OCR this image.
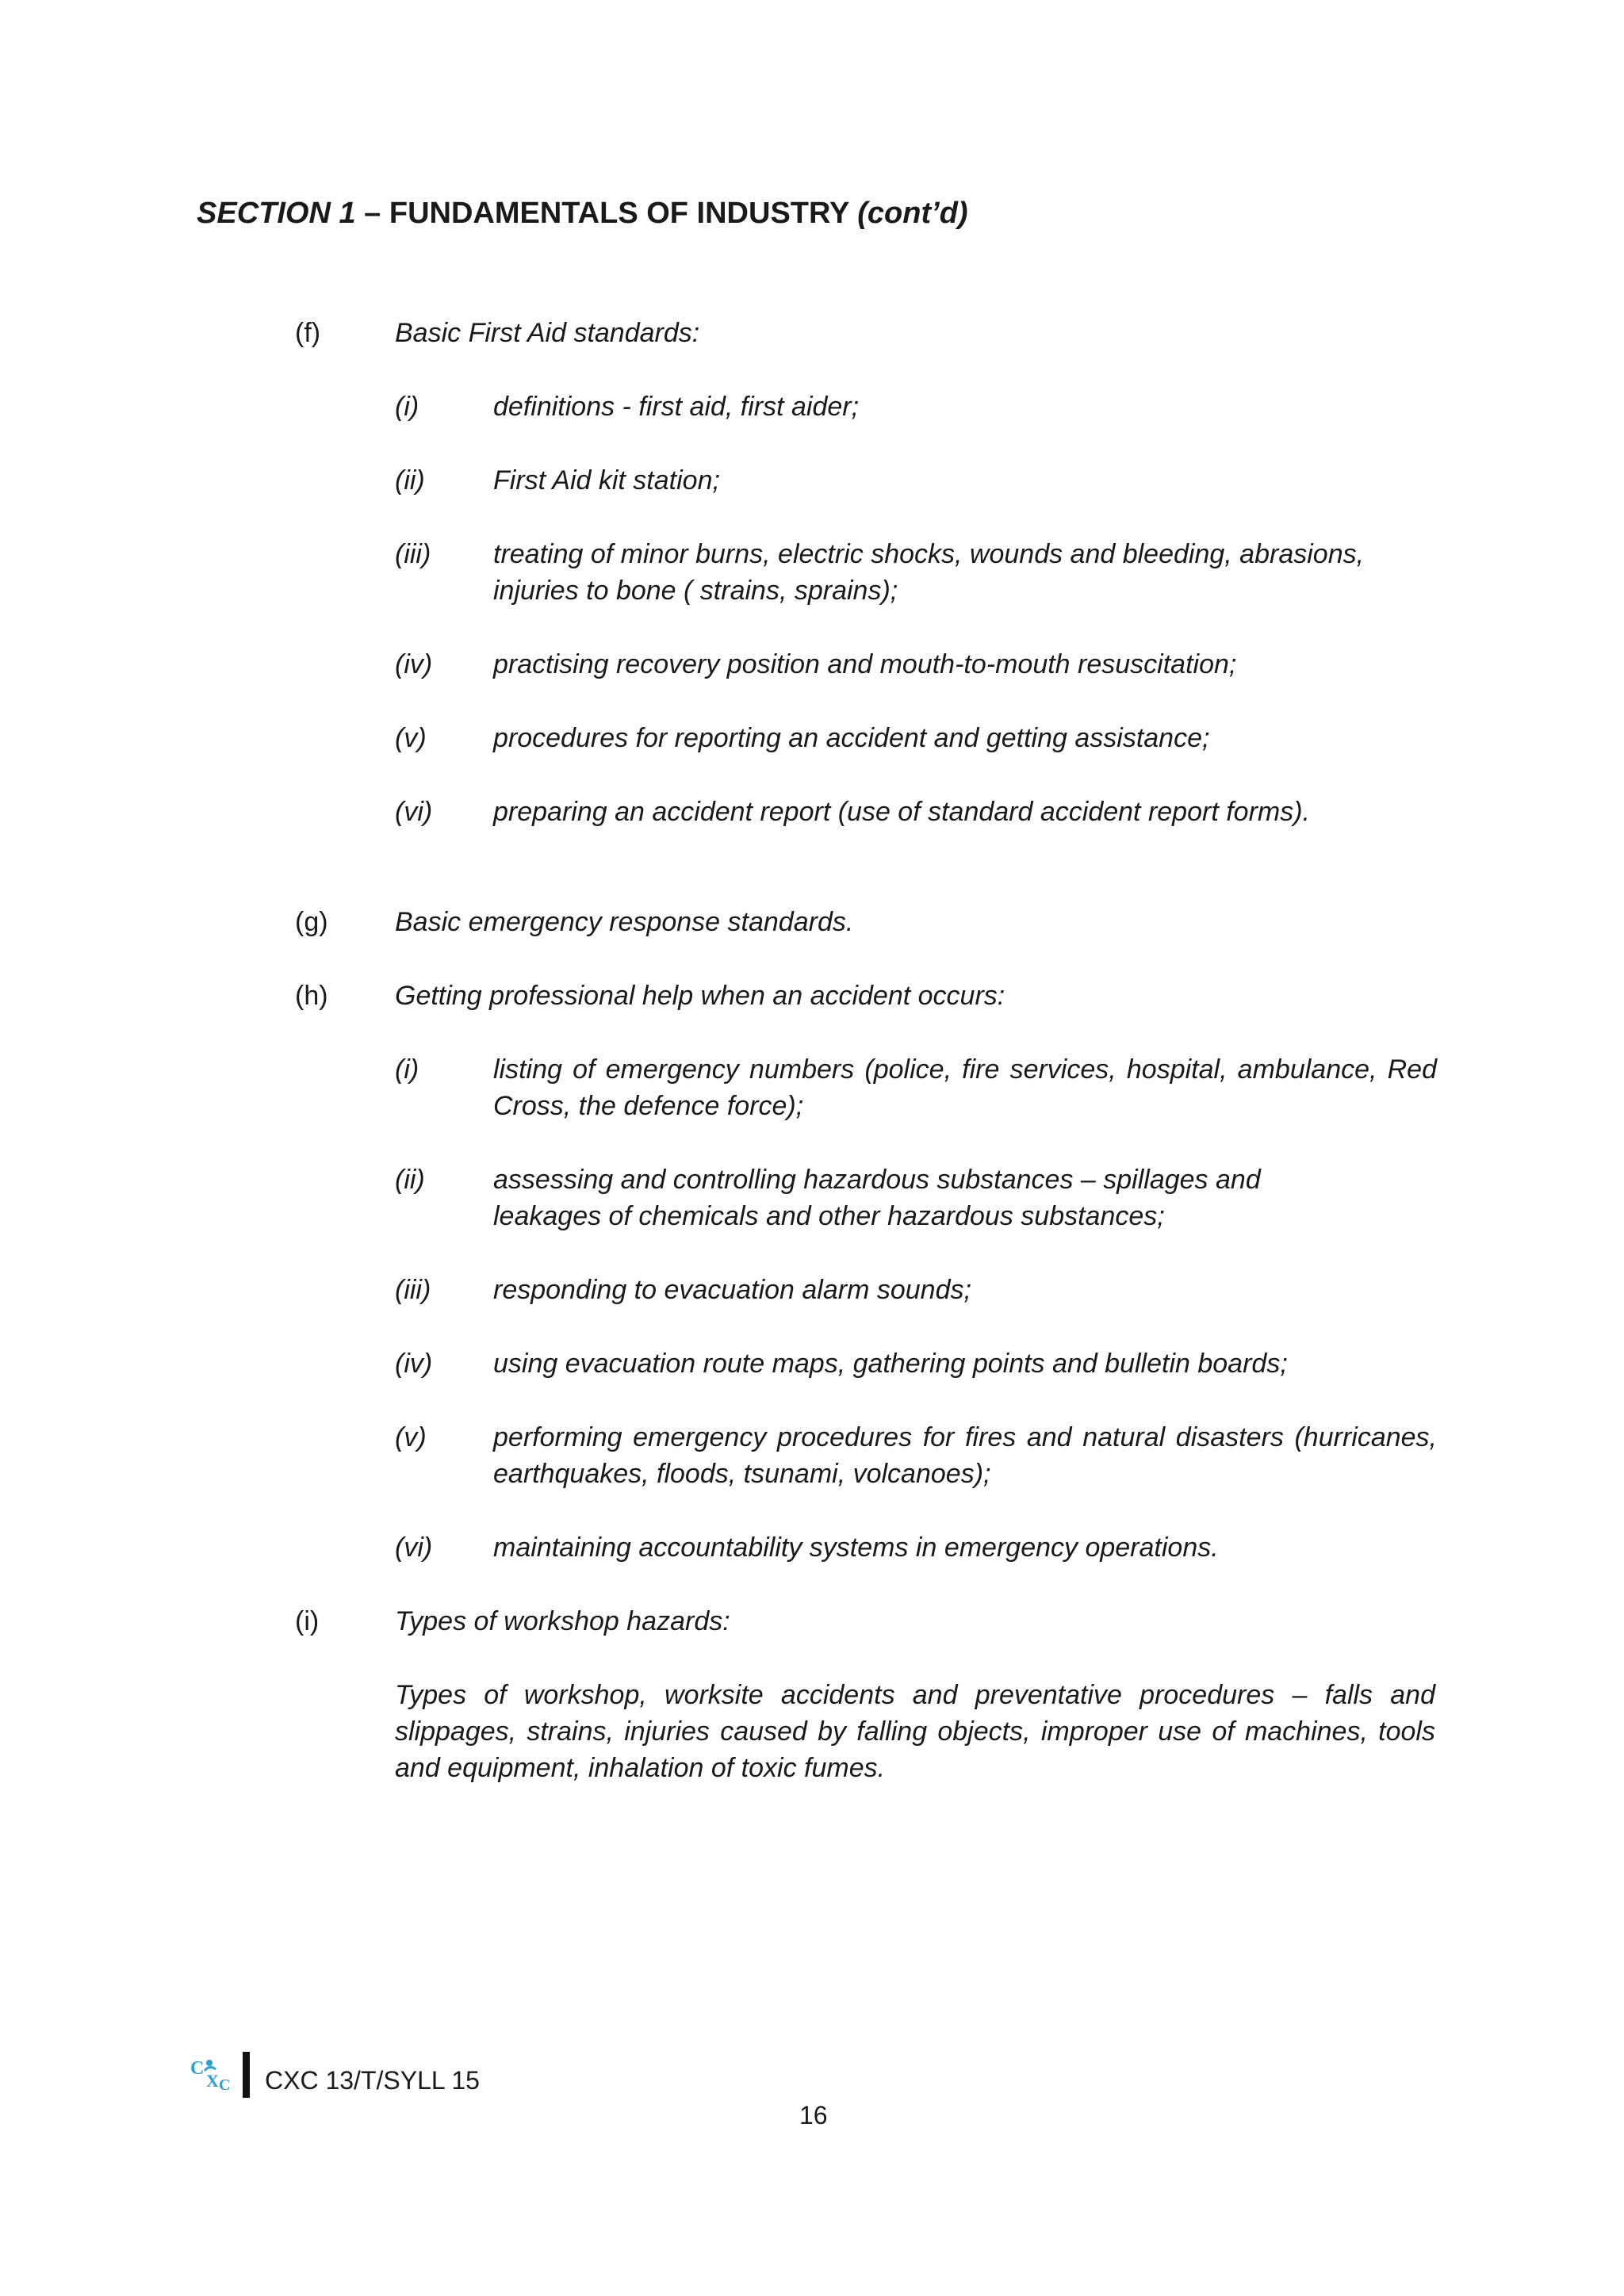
SECTION 1 – FUNDAMENTALS OF INDUSTRY (cont’d)
(f)	Basic First Aid standards:
(i)	definitions - first aid, first aider;
(ii)	First Aid kit station;
(iii) treating of minor burns, electric shocks, wounds and bleeding, abrasions, injuries to bone ( strains, sprains);
(iv) practising recovery position and mouth-to-mouth resuscitation;
(v) procedures for reporting an accident and getting assistance;
(vi) preparing an accident report (use of standard accident report forms).
(g) Basic emergency response standards.
(h) Getting professional help when an accident occurs:
(i)	listing of emergency numbers (police, fire services, hospital, ambulance, Red Cross, the defence force);
(ii)	assessing and controlling hazardous substances – spillages and leakages of chemicals and other hazardous substances;
(iii) responding to evacuation alarm sounds;
(iv) using evacuation route maps, gathering points and bulletin boards;
(v) performing emergency procedures for fires and natural disasters (hurricanes, earthquakes, floods, tsunami, volcanoes);
(vi) maintaining accountability systems in emergency operations.
(i)	Types of workshop hazards:
Types of workshop, worksite accidents and preventative procedures – falls and slippages, strains, injuries caused by falling objects, improper use of machines, tools and equipment, inhalation of toxic fumes.
C
X C CXC 13/T/SYLL 15
16
